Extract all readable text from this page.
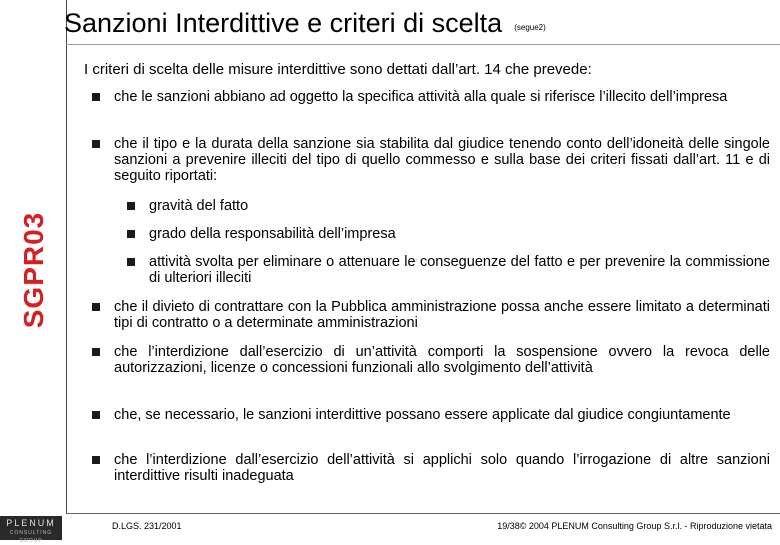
SGPR03
PLENUM
CONSULTING GROUP
Sanzioni Interdittive e criteri di scelta (segue2)
I criteri di scelta delle misure interdittive sono dettati dall’art. 14 che prevede:
che le sanzioni abbiano ad oggetto la specifica attività alla quale si riferisce l’illecito dell’impresa
che il tipo e la durata della sanzione sia stabilita dal giudice tenendo conto dell’idoneità delle singole sanzioni a prevenire illeciti del tipo di quello commesso e sulla base dei criteri fissati dall’art. 11 e di seguito riportati:
gravità del fatto
grado della responsabilità dell’impresa
attività svolta per eliminare o attenuare le conseguenze del fatto e per prevenire la commissione di ulteriori illeciti
che il divieto di contrattare con la Pubblica amministrazione possa anche essere limitato a determinati tipi di contratto o a determinate amministrazioni
che l’interdizione dall’esercizio di un’attività comporti la sospensione ovvero la revoca delle autorizzazioni, licenze o concessioni funzionali allo svolgimento dell’attività
che, se necessario, le sanzioni interdittive possano essere applicate dal giudice congiuntamente
che l’interdizione dall’esercizio dell’attività si applichi solo quando l’irrogazione di altre sanzioni interdittive risulti inadeguata
D.LGS. 231/2001	19/38© 2004 PLENUM Consulting Group S.r.l. - Riproduzione vietata
